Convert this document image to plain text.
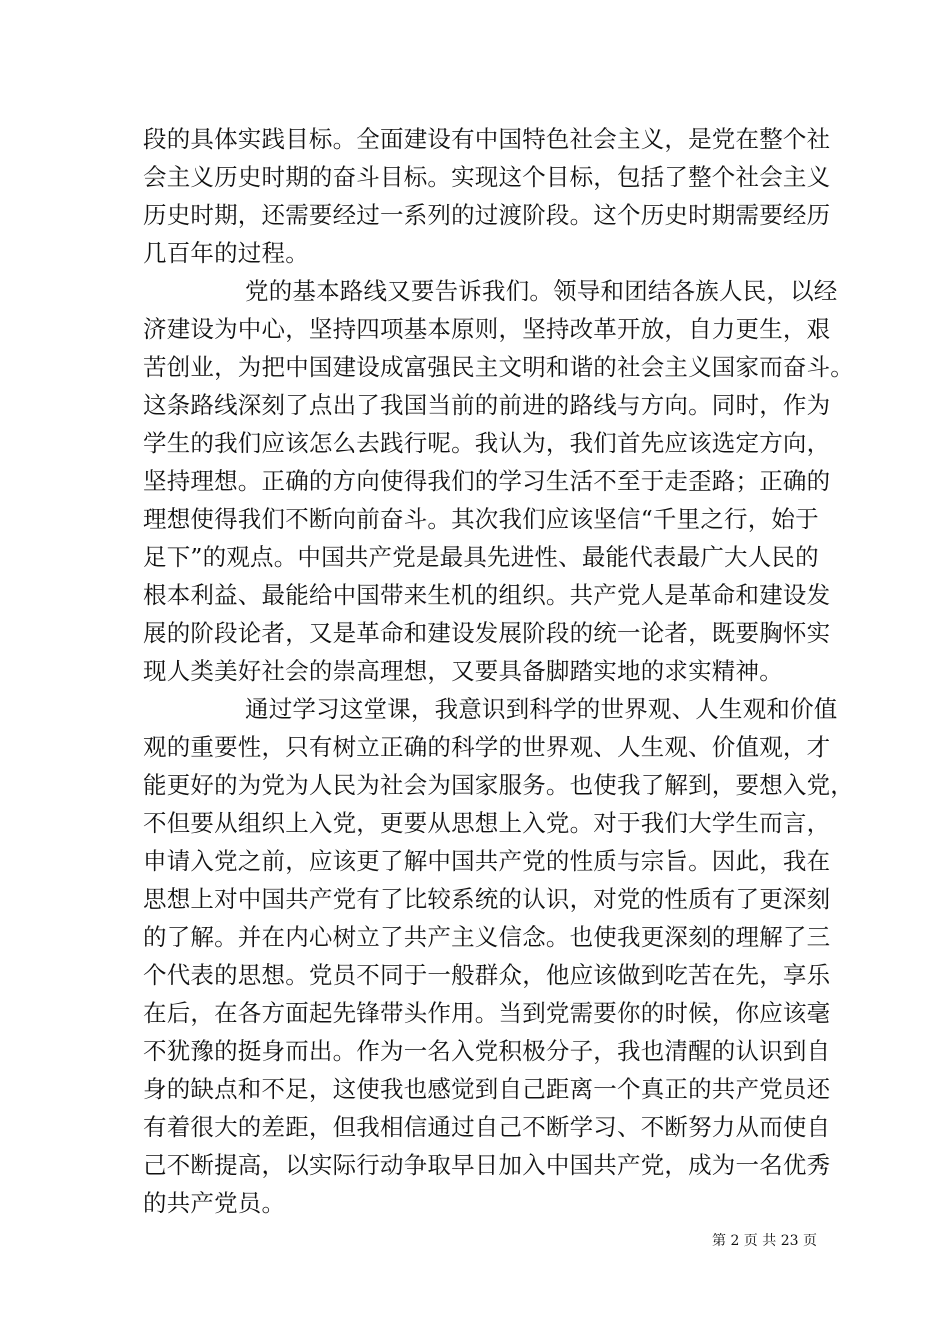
段的具体实践目标。全面建设有中国特色社会主义，是党在整个社
会主义历史时期的奋斗目标。实现这个目标，包括了整个社会主义
历史时期，还需要经过一系列的过渡阶段。这个历史时期需要经历
几百年的过程。
党的基本路线又要告诉我们。领导和团结各族人民，以经
济建设为中心，坚持四项基本原则，坚持改革开放，自力更生，艰
苦创业，为把中国建设成富强民主文明和谐的社会主义国家而奋斗。
这条路线深刻了点出了我国当前的前进的路线与方向。同时，作为
学生的我们应该怎么去践行呢。我认为，我们首先应该选定方向，
坚持理想。正确的方向使得我们的学习生活不至于走歪路；正确的
理想使得我们不断向前奋斗。其次我们应该坚信“千里之行，始于
足下”的观点。中国共产党是最具先进性、最能代表最广大人民的
根本利益、最能给中国带来生机的组织。共产党人是革命和建设发
展的阶段论者，又是革命和建设发展阶段的统一论者，既要胸怀实
现人类美好社会的崇高理想，又要具备脚踏实地的求实精神。
通过学习这堂课，我意识到科学的世界观、人生观和价值
观的重要性，只有树立正确的科学的世界观、人生观、价值观，才
能更好的为党为人民为社会为国家服务。也使我了解到，要想入党，
不但要从组织上入党，更要从思想上入党。对于我们大学生而言，
申请入党之前，应该更了解中国共产党的性质与宗旨。因此，我在
思想上对中国共产党有了比较系统的认识，对党的性质有了更深刻
的了解。并在内心树立了共产主义信念。也使我更深刻的理解了三
个代表的思想。党员不同于一般群众，他应该做到吃苦在先，享乐
在后，在各方面起先锋带头作用。当到党需要你的时候，你应该毫
不犹豫的挺身而出。作为一名入党积极分子，我也清醒的认识到自
身的缺点和不足，这使我也感觉到自己距离一个真正的共产党员还
有着很大的差距，但我相信通过自己不断学习、不断努力从而使自
己不断提高，以实际行动争取早日加入中国共产党，成为一名优秀
的共产党员。
第 2 页 共 23 页
